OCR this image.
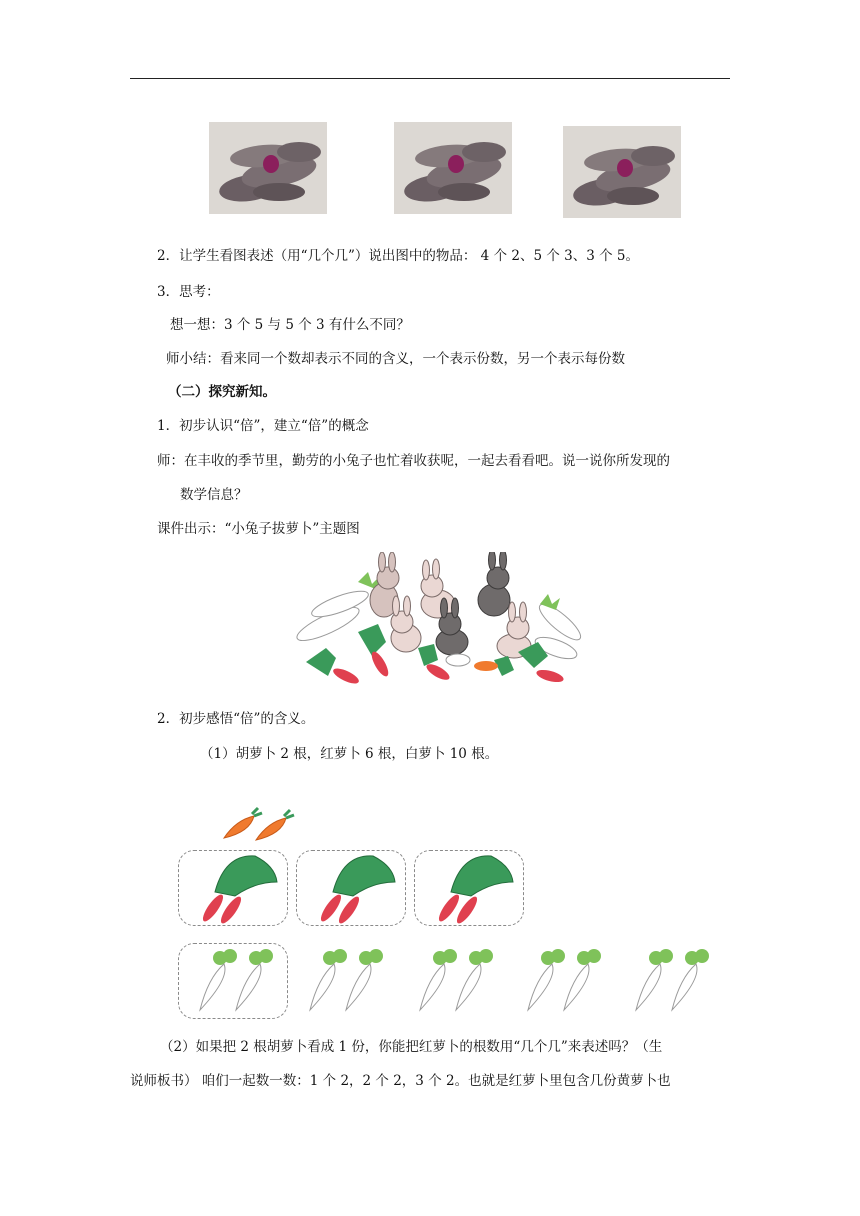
2．让学生看图表述（用“几个几”）说出图中的物品： 4 个 2、5 个 3、3 个 5。
3．思考：
想一想：3 个 5 与 5 个 3 有什么不同？
师小结：看来同一个数却表示不同的含义，一个表示份数，另一个表示每份数
（二）探究新知。
1．初步认识“倍”，建立“倍”的概念
师：在丰收的季节里，勤劳的小兔子也忙着收获呢，一起去看看吧。说一说你所发现的
数学信息？
课件出示：“小兔子拔萝卜”主题图
2．初步感悟“倍”的含义。
（1）胡萝卜 2 根，红萝卜 6 根，白萝卜 10 根。
（2）如果把 2 根胡萝卜看成 1 份，你能把红萝卜的根数用“几个几”来表述吗？（生
说师板书） 咱们一起数一数：1 个 2，2 个 2，3 个 2。也就是红萝卜里包含几份黄萝卜也
